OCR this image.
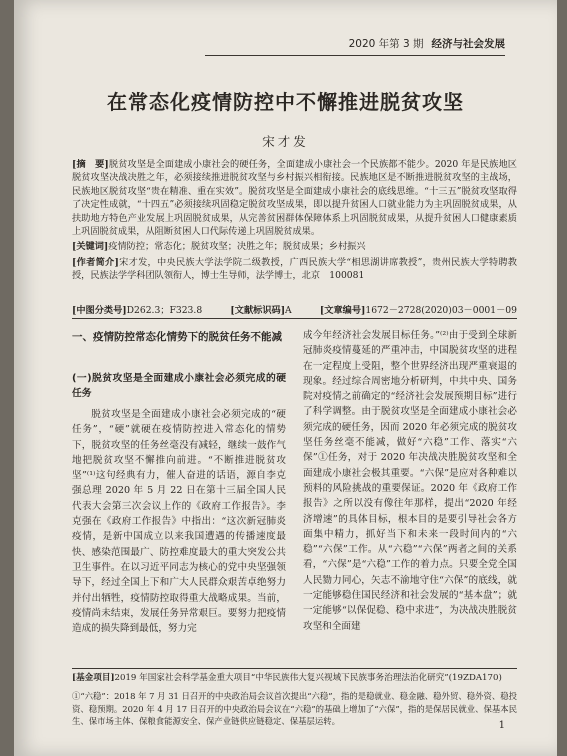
2020 年第 3 期 经济与社会发展
在常态化疫情防控中不懈推进脱贫攻坚
宋才发
[摘　要]脱贫攻坚是全面建成小康社会的硬任务，全面建成小康社会一个民族都不能少。2020 年是民族地区脱贫攻坚决战决胜之年，必须接续推进脱贫攻坚与乡村振兴相衔接。民族地区是不断推进脱贫攻坚的主战场，民族地区脱贫攻坚“贵在精准、重在实效”。脱贫攻坚是全面建成小康社会的底线思维。“十三五”脱贫攻坚取得了决定性成就，“十四五”必须接续巩固稳定脱贫攻坚成果，即以提升贫困人口就业能力为主巩固脱贫成果，从扶助地方特色产业发展上巩固脱贫成果，从完善贫困群体保障体系上巩固脱贫成果，从提升贫困人口健康素质上巩固脱贫成果，从阻断贫困人口代际传递上巩固脱贫成果。
[关键词]疫情防控；常态化；脱贫攻坚；决胜之年；脱贫成果；乡村振兴
[作者简介]宋才发，中央民族大学法学院二级教授，广西民族大学“相思湖讲席教授”，贵州民族大学特聘教授，民族法学学科团队领衔人，博士生导师，法学博士，北京　100081
[中图分类号]D262.3；F323.8	[文献标识码]A	[文章编号]1672－2728(2020)03－0001－09
一、疫情防控常态化情势下的脱贫任务不能减
(一)脱贫攻坚是全面建成小康社会必须完成的硬任务

脱贫攻坚是全面建成小康社会必须完成的“硬任务”，“硬”就硬在疫情防控进入常态化的情势下，脱贫攻坚的任务丝毫没有减轻，继续一鼓作气地把脱贫攻坚不懈推向前进。“不断推进脱贫攻坚”⁽¹⁾这句经典有力，催人奋进的话语，源自李克强总理 2020 年 5 月 22 日在第十三届全国人民代表大会第三次会议上作的《政府工作报告》。李克强在《政府工作报告》中指出：“这次新冠肺炎疫情，是新中国成立以来我国遭遇的传播速度最快、感染范围最广、防控难度最大的重大突发公共卫生事件。在以习近平同志为核心的党中央坚强领导下，经过全国上下和广大人民群众艰苦卓绝努力并付出牺牲，疫情防控取得重大战略成果。当前，疫情尚未结束，发展任务异常艰巨。要努力把疫情造成的损失降到最低，努力完

成今年经济社会发展目标任务。”⁽²⁾由于受到全球新冠肺炎疫情蔓延的严重冲击，中国脱贫攻坚的进程在一定程度上受阻，整个世界经济出现严重衰退的现象。经过综合周密地分析研判，中共中央、国务院对疫情之前确定的“经济社会发展预期目标”进行了科学调整。由于脱贫攻坚是全面建成小康社会必须完成的硬任务，因而 2020 年必须完成的脱贫攻坚任务丝毫不能减，做好“六稳”工作、落实“六保”①任务，对于 2020 年决战决胜脱贫攻坚和全面建成小康社会极其重要。“六保”是应对各种难以预料的风险挑战的重要保证。2020 年《政府工作报告》之所以没有像往年那样，提出“2020 年经济增速”的具体目标，根本目的是要引导社会各方面集中精力，抓好当下和未来一段时间内的“六稳”“六保”工作。从“六稳”“六保”两者之间的关系看，“六保”是“六稳”工作的着力点。只要全党全国人民勠力同心，矢志不渝地守住“六保”的底线，就一定能够稳住国民经济和社会发展的“基本盘”；就一定能够“以保促稳、稳中求进”，为决战决胜脱贫攻坚和全面建

[基金项目]2019 年国家社会科学基金重大项目“中华民族伟大复兴视域下民族事务治理法治化研究”(19ZDA170)
①“六稳”：2018 年 7 月 31 日召开的中央政治局会议首次提出“六稳”，指的是稳就业、稳金融、稳外贸、稳外资、稳投资、稳预期。2020 年 4 月 17 日召开的中央政治局会议在“六稳”的基础上增加了“六保”，指的是保居民就业、保基本民生、保市场主体、保粮食能源安全、保产业链供应链稳定、保基层运转。	1
